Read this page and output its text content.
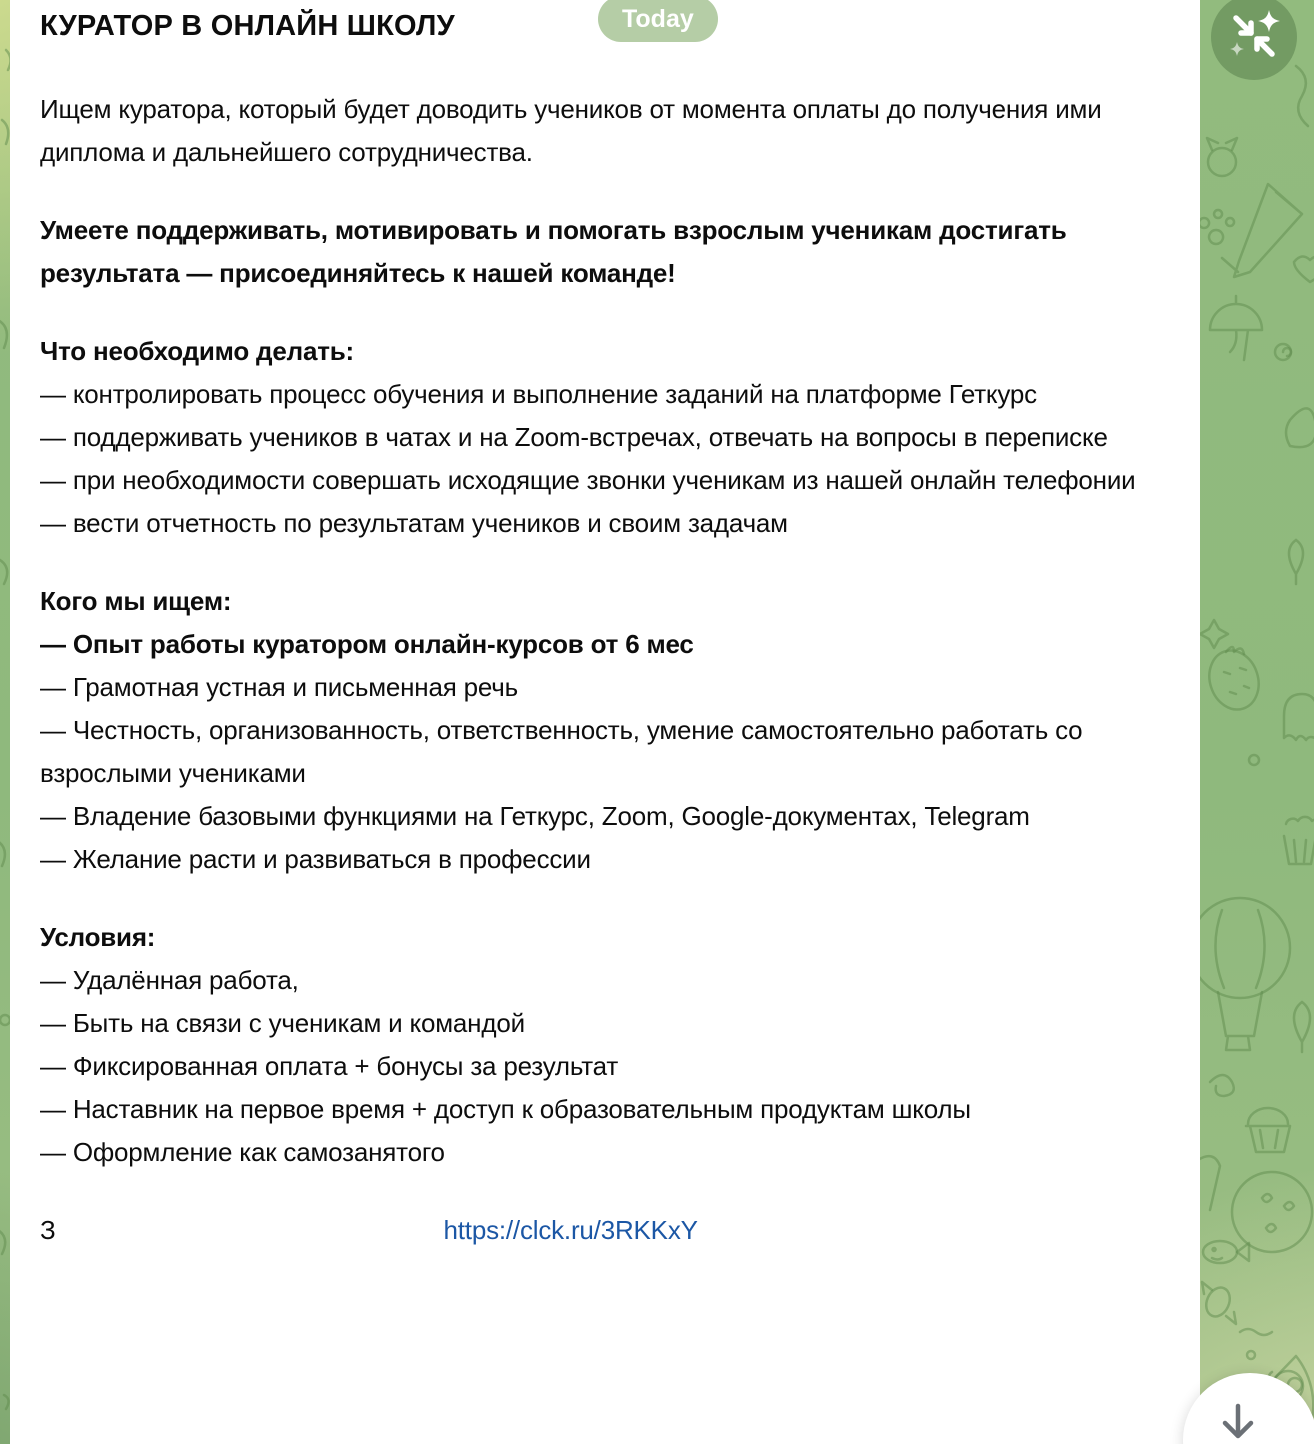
КУРАТОР В ОНЛАЙН ШКОЛУ

Ищем куратора, который будет доводить учеников от момента оплаты до получения ими диплома и дальнейшего сотрудничества.

Умеете поддерживать, мотивировать и помогать взрослым ученикам достигать результата — присоединяйтесь к нашей команде!

Что необходимо делать:
— контролировать процесс обучения и выполнение заданий на платформе Геткурс
— поддерживать учеников в чатах и на Zoom-встречах, отвечать на вопросы в переписке
— при необходимости совершать исходящие звонки ученикам из нашей онлайн телефонии
— вести отчетность по результатам учеников и своим задачам
Кого мы ищем:
— Опыт работы куратором онлайн-курсов от 6 мес
— Грамотная устная и письменная речь
— Честность, организованность, ответственность, умение самостоятельно работать со взрослыми учениками
— Владение базовыми функциями на Геткурс, Zoom, Google-документах, Telegram
— Желание расти и развиваться в профессии
Условия:
— Удалённая работа,
— Быть на связи с ученикам и командой
— Фиксированная оплата + бонусы за результат
— Наставник на первое время + доступ к образовательным продуктам школы
— Оформление как самозанятого

З	https://clck.ru/3RKKxY

Today
